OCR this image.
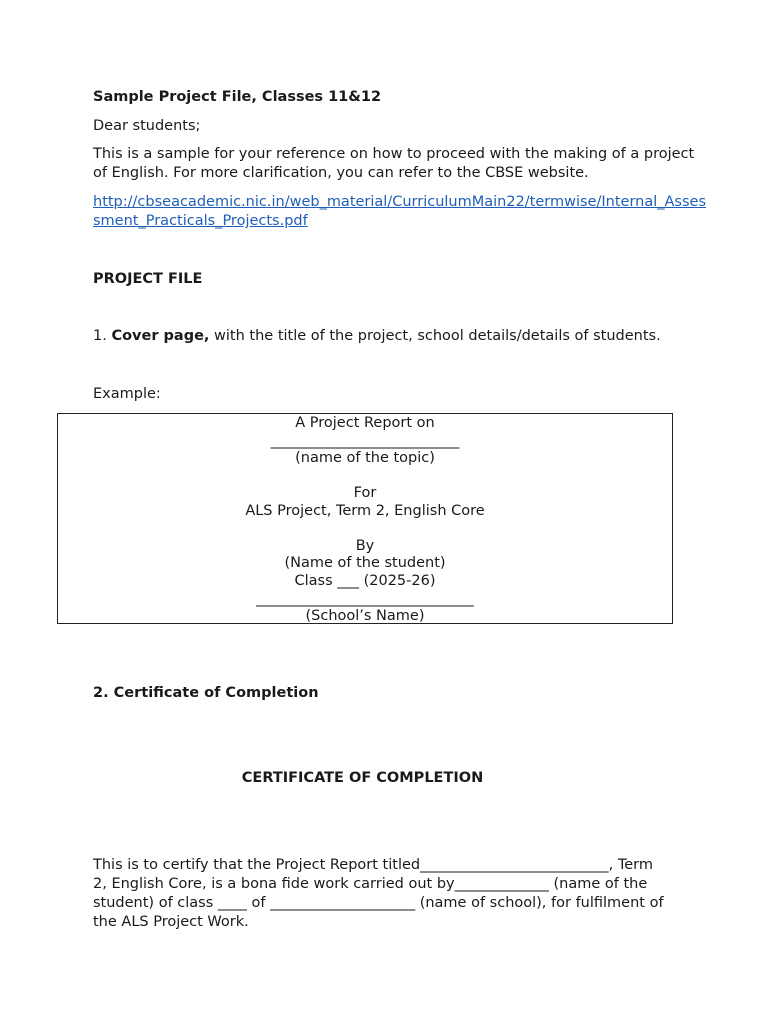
Sample Project File, Classes 11&12
Dear students;
This is a sample for your reference on how to proceed with the making of a project
of English. For more clarification, you can refer to the CBSE website.
http://cbseacademic.nic.in/web_material/CurriculumMain22/termwise/Internal_Asses
sment_Practicals_Projects.pdf
PROJECT FILE
1. Cover page, with the title of the project, school details/details of students.
Example:
A Project Report on
__________________________
(name of the topic)
For
ALS Project, Term 2, English Core
By
(Name of the student)
Class ___ (2025-26)
______________________________
(School’s Name)
2. Certificate of Completion
CERTIFICATE OF COMPLETION
This is to certify that the Project Report titled__________________________, Term
2, English Core, is a bona fide work carried out by_____________ (name of the
student) of class ____ of ____________________ (name of school), for fulfilment of
the ALS Project Work.
